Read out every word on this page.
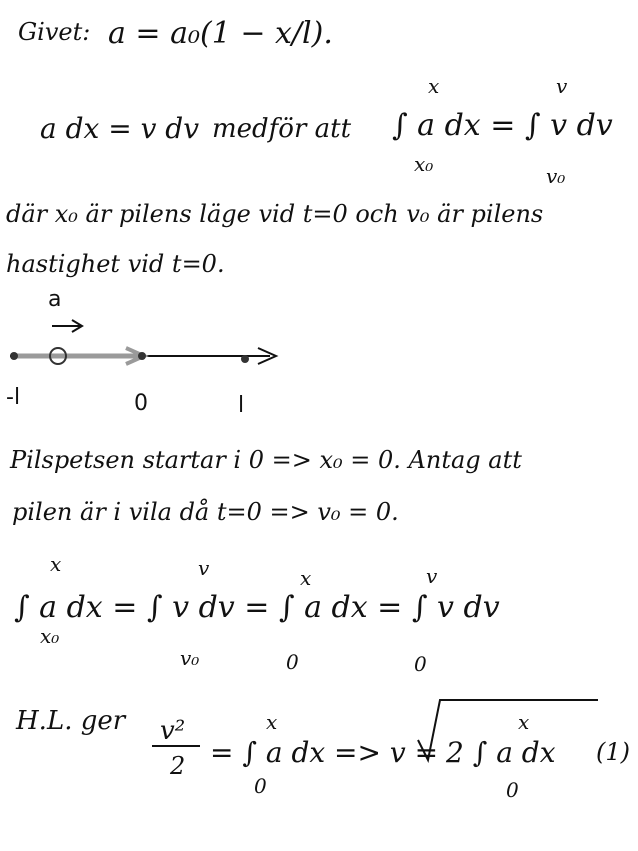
Givet: a = a₀(1 − x/l).
a dx = v dv medför att ∫ a dx = ∫ v dv
x
x₀
v
v₀
där x₀ är pilens läge vid t=0 och v₀ är pilens
hastighet vid t=0.
a
-l	0	l
Pilspetsen startar i 0 => x₀ = 0. Antag att
pilen är i vila då t=0 => v₀ = 0.
∫ a dx = ∫ v dv = ∫ a dx = ∫ v dv
x
x₀
v
v₀
x
0
v
0
H.L. ger v²
2 = ∫ a dx => v = 2 ∫ a dx (1)
x
0
x
0
